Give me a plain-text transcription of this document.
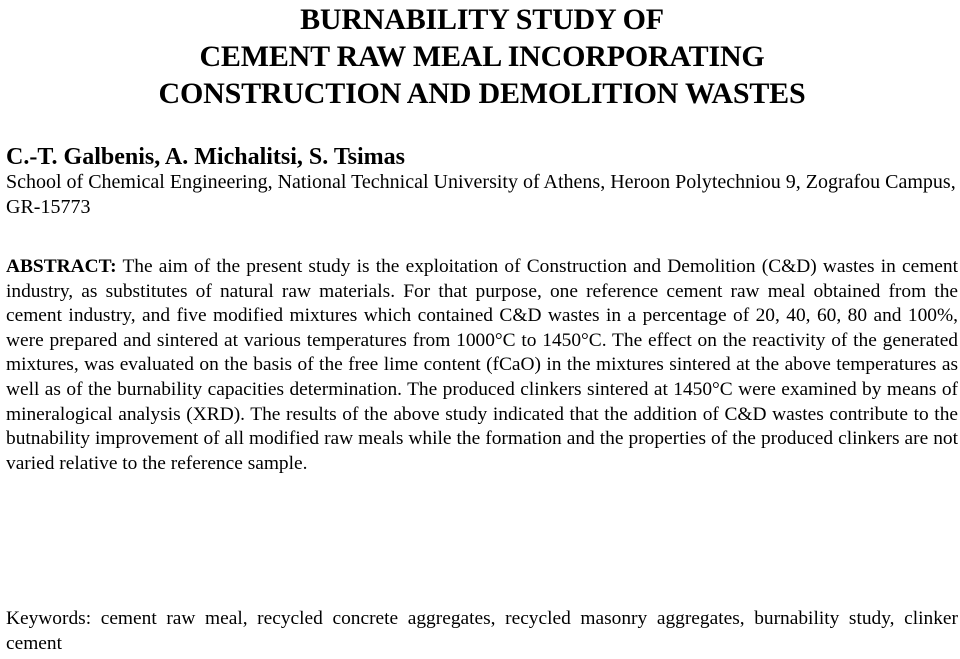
BURNABILITY STUDY OF
CEMENT RAW MEAL INCORPORATING
CONSTRUCTION AND DEMOLITION WASTES

C.-T. Galbenis, A. Michalitsi, S. Tsimas

School of Chemical Engineering, National Technical University of Athens, Heroon Polytechniou 9, Zografou Campus, GR-15773

ABSTRACT: The aim of the present study is the exploitation of Construction and Demolition (C&D) wastes in cement industry, as substitutes of natural raw materials. For that purpose, one reference cement raw meal obtained from the cement industry, and five modified mixtures which contained C&D wastes in a percentage of 20, 40, 60, 80 and 100%, were prepared and sintered at various temperatures from 1000°C to 1450°C. The effect on the reactivity of the generated mixtures, was evaluated on the basis of the free lime content (fCaO) in the mixtures sintered at the above temperatures as well as of the burnability capacities determination. The produced clinkers sintered at 1450°C were examined by means of mineralogical analysis (XRD). The results of the above study indicated that the addition of C&D wastes contribute to the butnability improvement of all modified raw meals while the formation and the properties of the produced clinkers are not varied relative to the reference sample.

Keywords: cement raw meal, recycled concrete aggregates, recycled masonry aggregates, burnability study, clinker cement
